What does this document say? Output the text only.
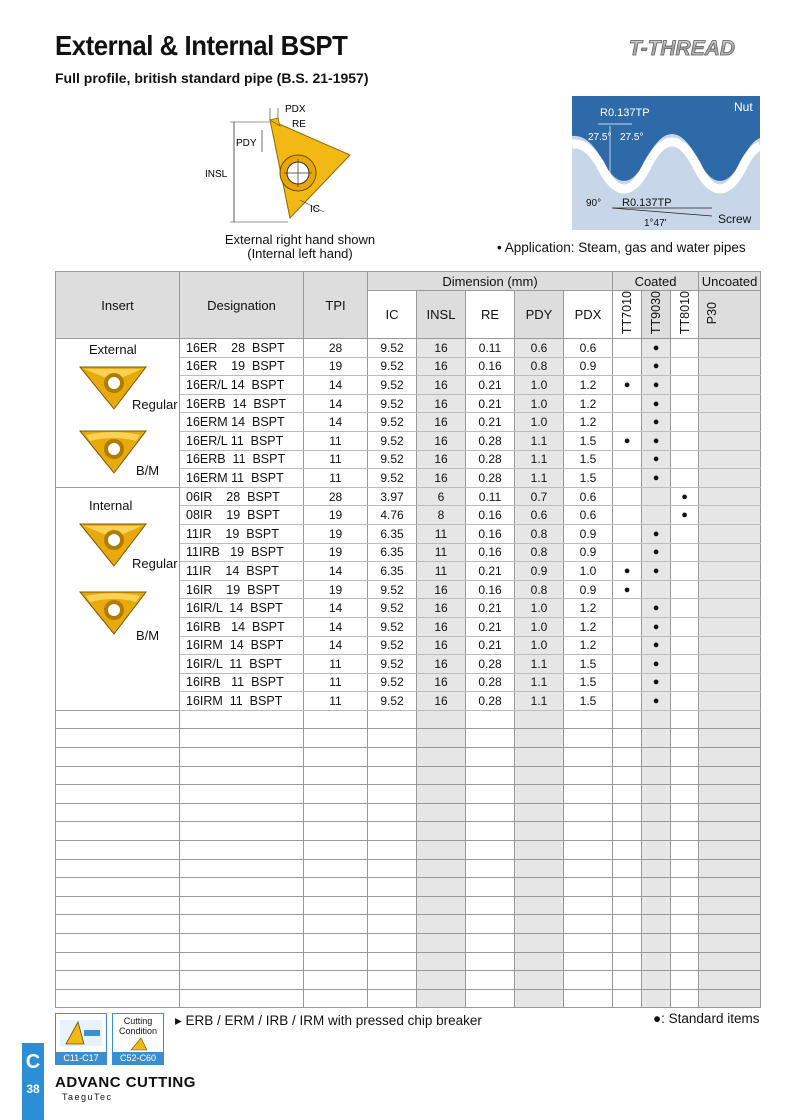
External & Internal BSPT
Full profile, british standard pipe (B.S. 21-1957)
T-THREAD
PDX
RE
PDY
INSL
IC
External right hand shown
(Internal left hand)
R0.137TP	Nut
27.5° 27.5°
90° R0.137TP
1°47'	Screw
• Application: Steam, gas and water pipes
Insert	Designation	TPI	Dimension (mm)					Coated			Uncoated
			IC	INSL	RE	PDY	PDX	TT7010	TT9030	TT8010	P30

External
Regular
B/M	16ER    28  BSPT	28	9.52	16	0.11	0.6	0.6		●		
	16ER    19  BSPT	19	9.52	16	0.16	0.8	0.9		●		
	16ER/L 14  BSPT	14	9.52	16	0.21	1.0	1.2	●	●		
	16ERB  14  BSPT	14	9.52	16	0.21	1.0	1.2		●		
	16ERM 14  BSPT	14	9.52	16	0.21	1.0	1.2		●		
	16ER/L 11  BSPT	11	9.52	16	0.28	1.1	1.5	●	●		
	16ERB  11  BSPT	11	9.52	16	0.28	1.1	1.5		●		
	16ERM 11  BSPT	11	9.52	16	0.28	1.1	1.5		●		

Internal
Regular
B/M	06IR    28  BSPT	28	3.97	6	0.11	0.7	0.6			●	
	08IR    19  BSPT	19	4.76	8	0.16	0.6	0.6			●	
	11IR    19  BSPT	19	6.35	11	0.16	0.8	0.9		●		
	11IRB   19  BSPT	19	6.35	11	0.16	0.8	0.9		●		
	11IR    14  BSPT	14	6.35	11	0.21	0.9	1.0	●	●		
	16IR    19  BSPT	19	9.52	16	0.16	0.8	0.9	●			
	16IR/L  14  BSPT	14	9.52	16	0.21	1.0	1.2		●		
	16IRB   14  BSPT	14	9.52	16	0.21	1.0	1.2		●		
	16IRM  14  BSPT	14	9.52	16	0.21	1.0	1.2		●		
	16IR/L  11  BSPT	11	9.52	16	0.28	1.1	1.5		●		
	16IRB   11  BSPT	11	9.52	16	0.28	1.1	1.5		●		
	16IRM  11  BSPT	11	9.52	16	0.28	1.1	1.5		●		

C11-C17
Cutting
Condition
C52-C60
▸ ERB / ERM / IRB / IRM with pressed chip breaker	●: Standard items
C
38 ADVANC CUTTING
TaeguTec
